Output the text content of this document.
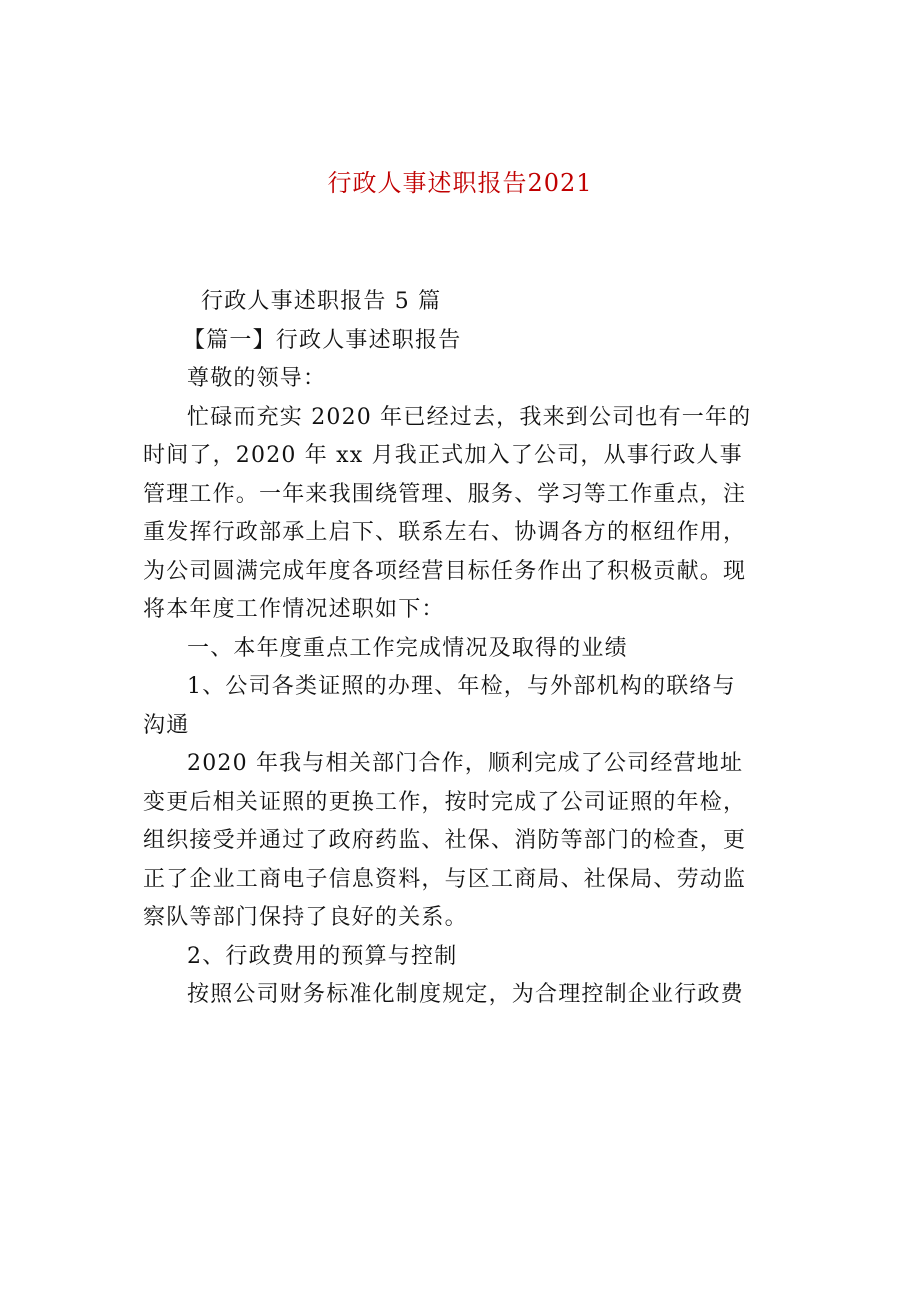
行政人事述职报告2021
行政人事述职报告 5 篇
【篇一】行政人事述职报告
尊敬的领导：
忙碌而充实 2020 年已经过去，我来到公司也有一年的
时间了，2020 年 xx 月我正式加入了公司，从事行政人事
管理工作。一年来我围绕管理、服务、学习等工作重点，注
重发挥行政部承上启下、联系左右、协调各方的枢纽作用，
为公司圆满完成年度各项经营目标任务作出了积极贡献。现
将本年度工作情况述职如下：
一、本年度重点工作完成情况及取得的业绩
1、公司各类证照的办理、年检，与外部机构的联络与
沟通
2020 年我与相关部门合作，顺利完成了公司经营地址
变更后相关证照的更换工作，按时完成了公司证照的年检，
组织接受并通过了政府药监、社保、消防等部门的检查，更
正了企业工商电子信息资料，与区工商局、社保局、劳动监
察队等部门保持了良好的关系。
2、行政费用的预算与控制
按照公司财务标准化制度规定，为合理控制企业行政费
